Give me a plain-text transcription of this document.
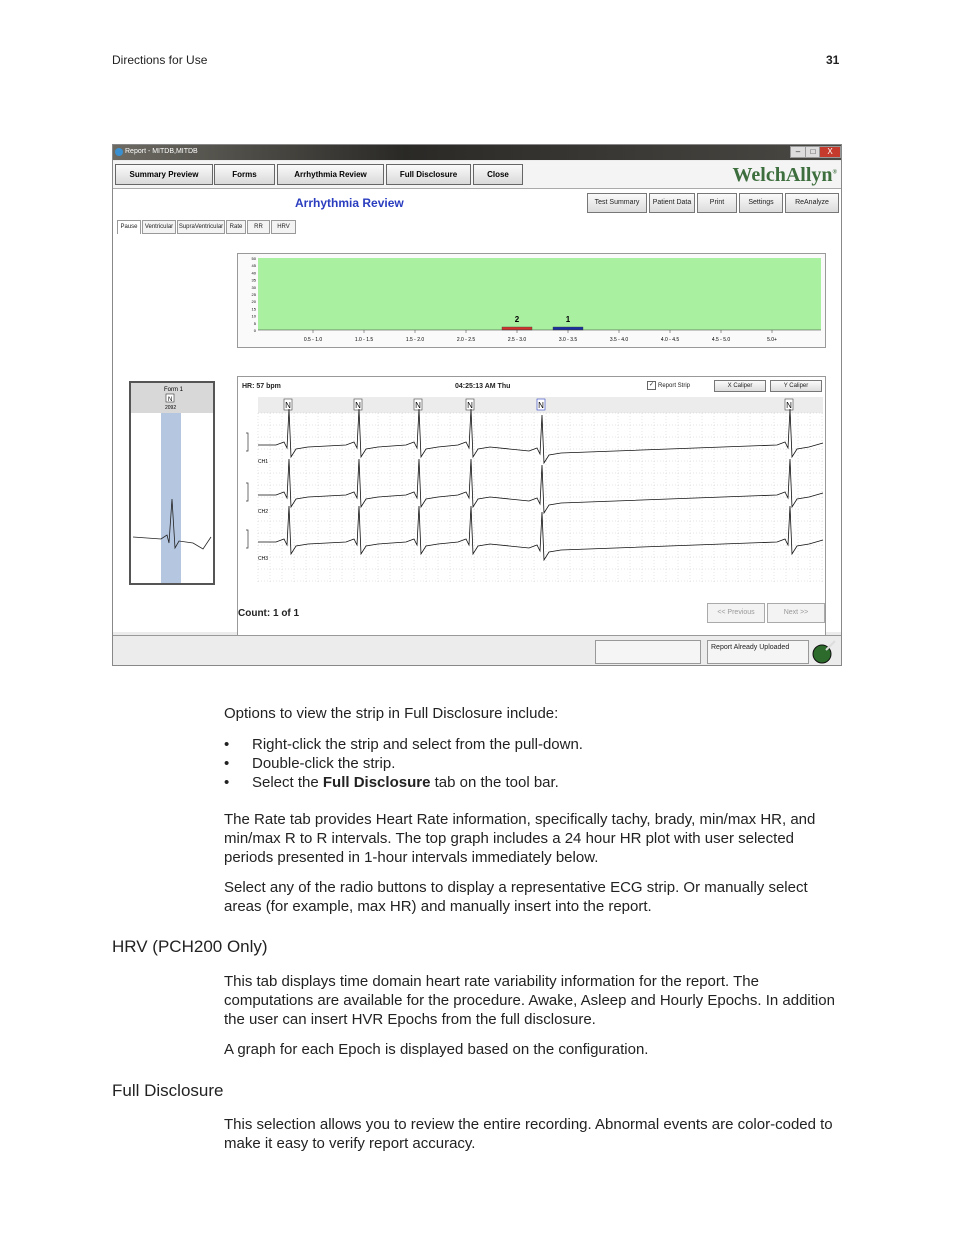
Directions for Use	31
Report - MITDB,MITDB	–	□	X
Summary Preview	Forms	Arrhythmia Review	Full Disclosure	Close	WelchAllyn®
Arrhythmia Review	Test Summary	Patient Data	Print	Settings	ReAnalyze
Pause	Ventricular SupraVentricular	Rate	RR	HRV
50
45
40
35
30
25
20
15
10
5
0
0.5 - 1.0	1.0 - 1.5	1.5 - 2.0	2.0 - 2.5	2.5 - 3.0	3.0 - 3.5	3.5 - 4.0	4.0 - 4.5	4.5 - 5.0	5.0+
2	1
Form 1
N
2092	N	N	N	N	N	N
CH1
CH2
CH3
HR: 57 bpm	04:25:13 AM Thu	✓ Report Strip	X Caliper	Y Caliper
Count: 1 of 1	<< Previous	Next >>
Report Already Uploaded

Options to view the strip in Full Disclosure include:

• Right-click the strip and select from the pull-down.
• Double-click the strip.
• Select the Full Disclosure tab on the tool bar.

The Rate tab provides Heart Rate information, specifically tachy, brady, min/max HR, and min/max R to R intervals. The top graph includes a 24 hour HR plot with user selected periods presented in 1-hour intervals immediately below.

Select any of the radio buttons to display a representative ECG strip. Or manually select areas (for example, max HR) and manually insert into the report.

HRV (PCH200 Only)

This tab displays time domain heart rate variability information for the report. The computations are available for the procedure. Awake, Asleep and Hourly Epochs. In addition the user can insert HVR Epochs from the full disclosure.

A graph for each Epoch is displayed based on the configuration.

Full Disclosure

This selection allows you to review the entire recording. Abnormal events are color-coded to make it easy to verify report accuracy.
